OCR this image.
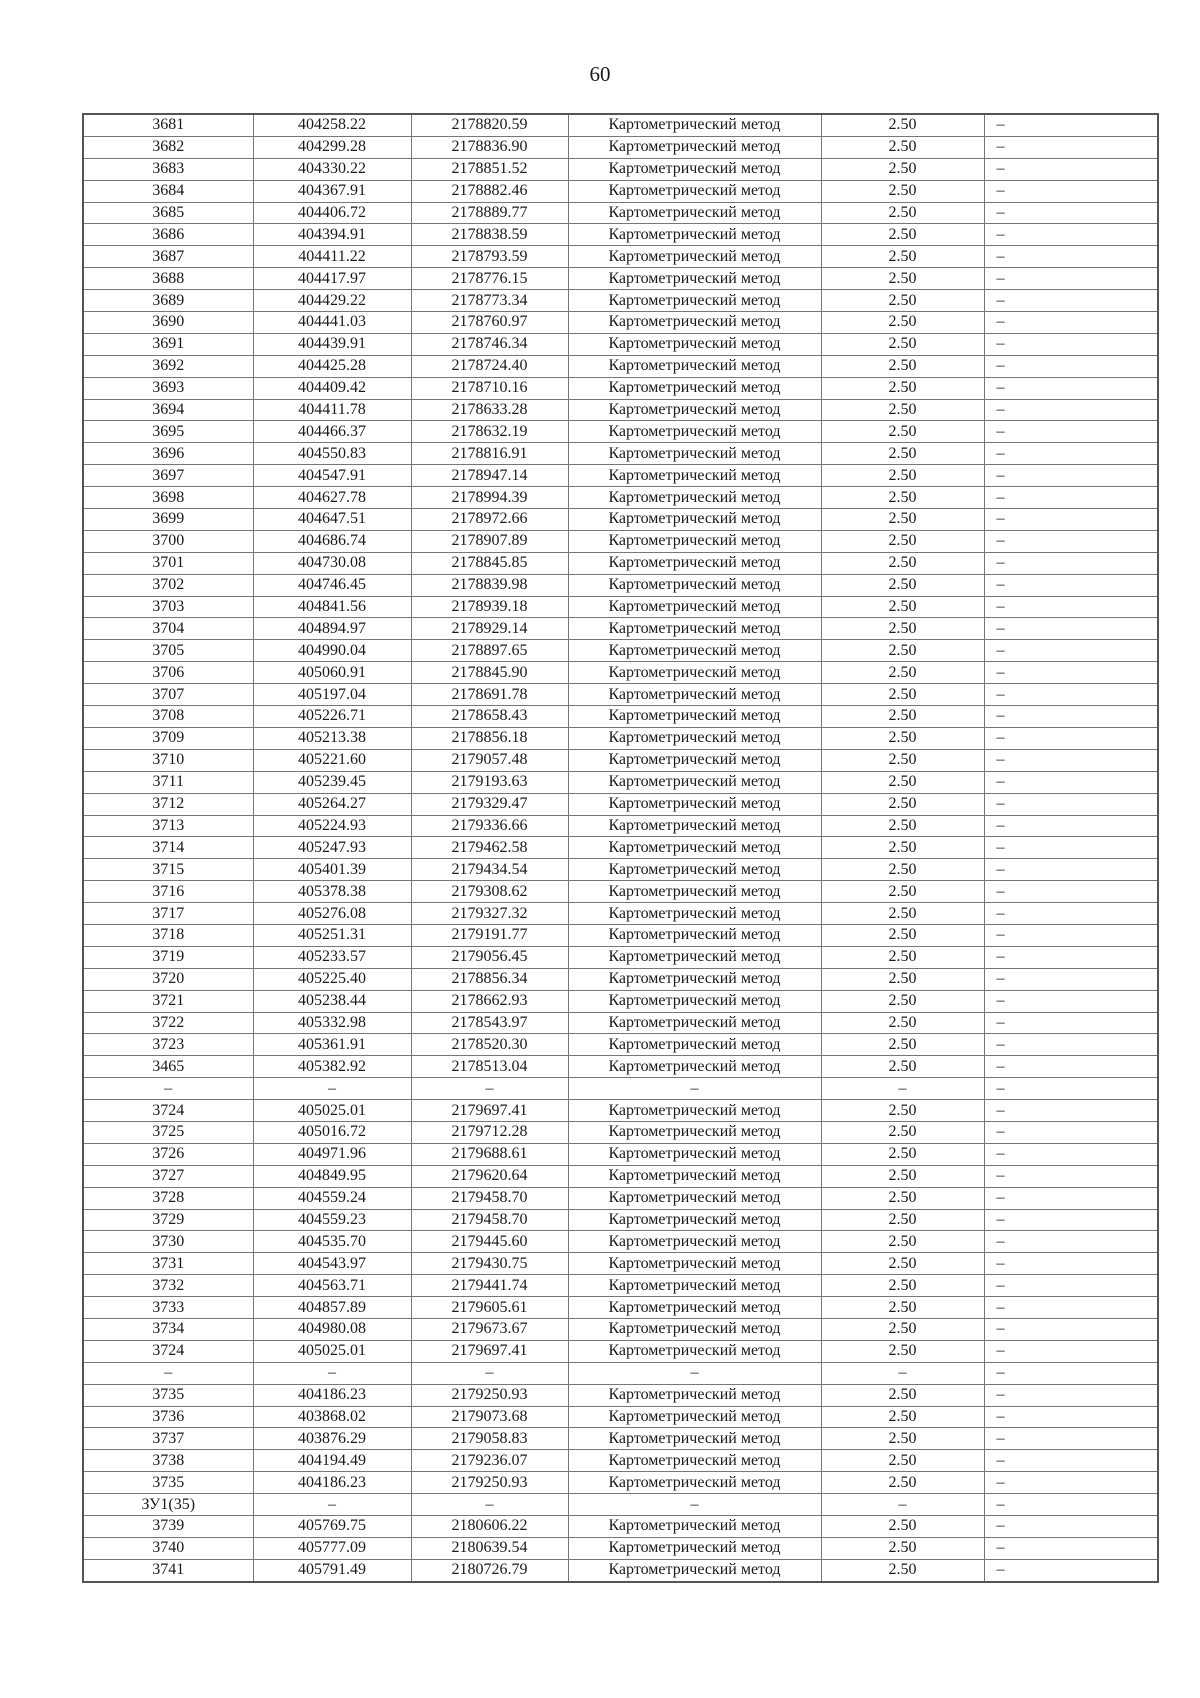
60
3681	404258.22	2178820.59	Картометрический метод	2.50	–
3682	404299.28	2178836.90	Картометрический метод	2.50	–
3683	404330.22	2178851.52	Картометрический метод	2.50	–
3684	404367.91	2178882.46	Картометрический метод	2.50	–
3685	404406.72	2178889.77	Картометрический метод	2.50	–
3686	404394.91	2178838.59	Картометрический метод	2.50	–
3687	404411.22	2178793.59	Картометрический метод	2.50	–
3688	404417.97	2178776.15	Картометрический метод	2.50	–
3689	404429.22	2178773.34	Картометрический метод	2.50	–
3690	404441.03	2178760.97	Картометрический метод	2.50	–
3691	404439.91	2178746.34	Картометрический метод	2.50	–
3692	404425.28	2178724.40	Картометрический метод	2.50	–
3693	404409.42	2178710.16	Картометрический метод	2.50	–
3694	404411.78	2178633.28	Картометрический метод	2.50	–
3695	404466.37	2178632.19	Картометрический метод	2.50	–
3696	404550.83	2178816.91	Картометрический метод	2.50	–
3697	404547.91	2178947.14	Картометрический метод	2.50	–
3698	404627.78	2178994.39	Картометрический метод	2.50	–
3699	404647.51	2178972.66	Картометрический метод	2.50	–
3700	404686.74	2178907.89	Картометрический метод	2.50	–
3701	404730.08	2178845.85	Картометрический метод	2.50	–
3702	404746.45	2178839.98	Картометрический метод	2.50	–
3703	404841.56	2178939.18	Картометрический метод	2.50	–
3704	404894.97	2178929.14	Картометрический метод	2.50	–
3705	404990.04	2178897.65	Картометрический метод	2.50	–
3706	405060.91	2178845.90	Картометрический метод	2.50	–
3707	405197.04	2178691.78	Картометрический метод	2.50	–
3708	405226.71	2178658.43	Картометрический метод	2.50	–
3709	405213.38	2178856.18	Картометрический метод	2.50	–
3710	405221.60	2179057.48	Картометрический метод	2.50	–
3711	405239.45	2179193.63	Картометрический метод	2.50	–
3712	405264.27	2179329.47	Картометрический метод	2.50	–
3713	405224.93	2179336.66	Картометрический метод	2.50	–
3714	405247.93	2179462.58	Картометрический метод	2.50	–
3715	405401.39	2179434.54	Картометрический метод	2.50	–
3716	405378.38	2179308.62	Картометрический метод	2.50	–
3717	405276.08	2179327.32	Картометрический метод	2.50	–
3718	405251.31	2179191.77	Картометрический метод	2.50	–
3719	405233.57	2179056.45	Картометрический метод	2.50	–
3720	405225.40	2178856.34	Картометрический метод	2.50	–
3721	405238.44	2178662.93	Картометрический метод	2.50	–
3722	405332.98	2178543.97	Картометрический метод	2.50	–
3723	405361.91	2178520.30	Картометрический метод	2.50	–
3465	405382.92	2178513.04	Картометрический метод	2.50	–
–	–	–	–	–	–
3724	405025.01	2179697.41	Картометрический метод	2.50	–
3725	405016.72	2179712.28	Картометрический метод	2.50	–
3726	404971.96	2179688.61	Картометрический метод	2.50	–
3727	404849.95	2179620.64	Картометрический метод	2.50	–
3728	404559.24	2179458.70	Картометрический метод	2.50	–
3729	404559.23	2179458.70	Картометрический метод	2.50	–
3730	404535.70	2179445.60	Картометрический метод	2.50	–
3731	404543.97	2179430.75	Картометрический метод	2.50	–
3732	404563.71	2179441.74	Картометрический метод	2.50	–
3733	404857.89	2179605.61	Картометрический метод	2.50	–
3734	404980.08	2179673.67	Картометрический метод	2.50	–
3724	405025.01	2179697.41	Картометрический метод	2.50	–
–	–	–	–	–	–
3735	404186.23	2179250.93	Картометрический метод	2.50	–
3736	403868.02	2179073.68	Картометрический метод	2.50	–
3737	403876.29	2179058.83	Картометрический метод	2.50	–
3738	404194.49	2179236.07	Картометрический метод	2.50	–
3735	404186.23	2179250.93	Картометрический метод	2.50	–
ЗУ1(35)	–	–	–	–	–
3739	405769.75	2180606.22	Картометрический метод	2.50	–
3740	405777.09	2180639.54	Картометрический метод	2.50	–
3741	405791.49	2180726.79	Картометрический метод	2.50	–
